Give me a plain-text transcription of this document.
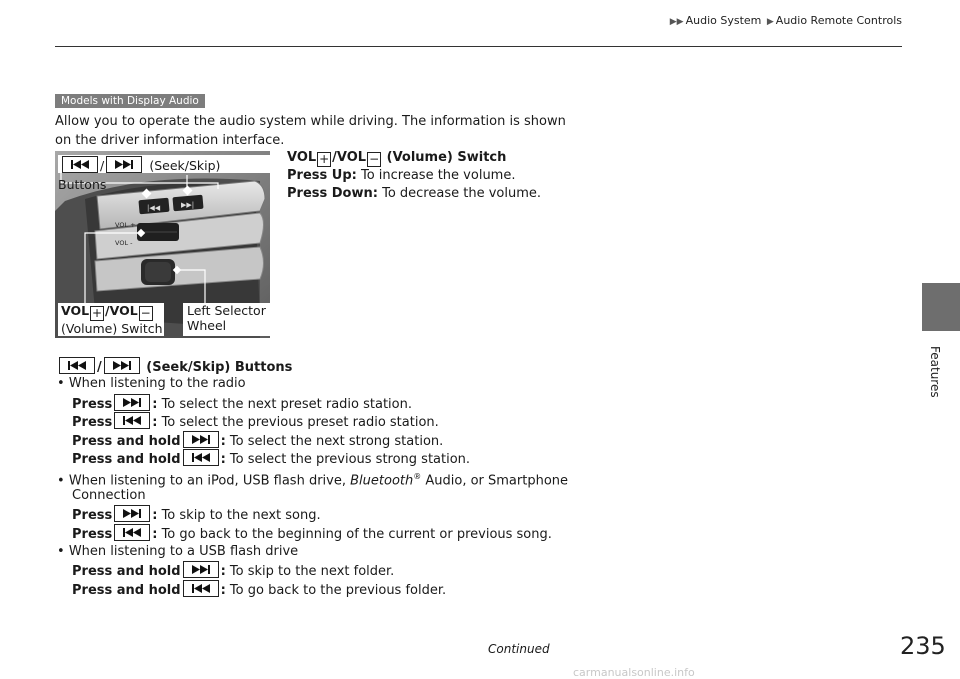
▶▶ Audio System ▶ Audio Remote Controls
Features
Models with Display Audio
Allow you to operate the audio system while driving. The information is shown on the driver information interface.
|◀◀	▶▶|
VOL +
VOL -
/	(Seek/Skip) Buttons
VOL + /VOL −
(Volume) Switch
Left Selector
Wheel
VOL + /VOL − (Volume) Switch
Press Up: To increase the volume.
Press Down: To decrease the volume.
/	(Seek/Skip) Buttons
• When listening to the radio
Press	: To select the next preset radio station.
Press	: To select the previous preset radio station.
Press and hold	: To select the next strong station.
Press and hold	: To select the previous strong station.
• When listening to an iPod, USB flash drive, Bluetooth® Audio, or Smartphone
Connection
Press	: To skip to the next song.
Press	: To go back to the beginning of the current or previous song.
• When listening to a USB flash drive
Press and hold	: To skip to the next folder.
Press and hold	: To go back to the previous folder.
Continued	235
carmanualsonline.info
